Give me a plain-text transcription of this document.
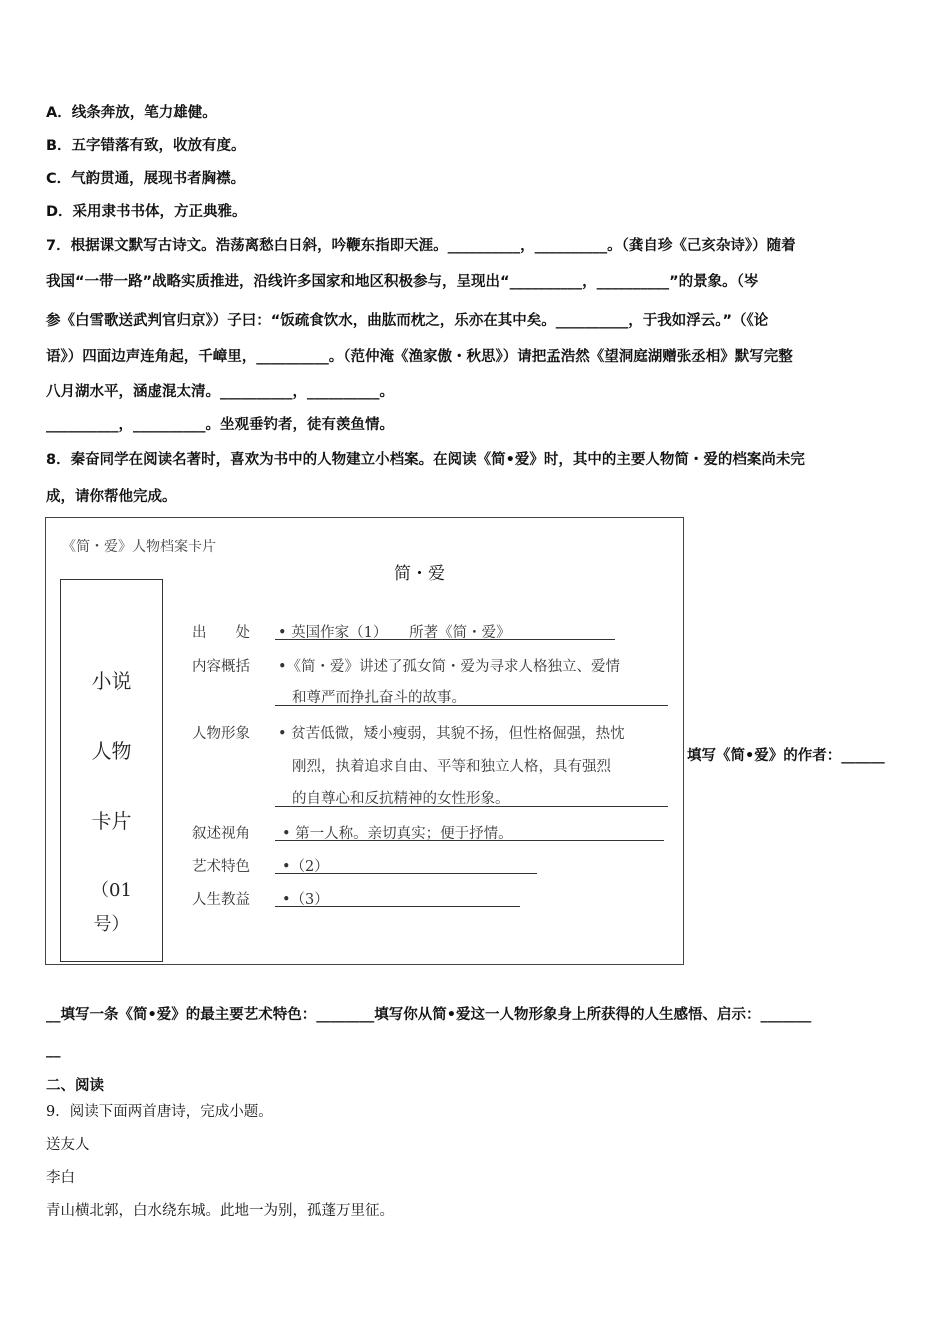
A．线条奔放，笔力雄健。
B．五字错落有致，收放有度。
C．气韵贯通，展现书者胸襟。
D．采用隶书书体，方正典雅。
7．根据课文默写古诗文。浩荡离愁白日斜，吟鞭东指即天涯。__________，__________。（龚自珍《己亥杂诗》）随着
我国“一带一路”战略实质推进，沿线许多国家和地区积极参与，呈现出“__________，__________”的景象。（岑
参《白雪歌送武判官归京》）子曰：“饭疏食饮水，曲肱而枕之，乐亦在其中矣。__________，于我如浮云。”（《论
语》）四面边声连角起，千嶂里，__________。（范仲淹《渔家傲・秋思》）请把孟浩然《望洞庭湖赠张丞相》默写完整
八月湖水平，涵虚混太清。__________，__________。
__________，__________。坐观垂钓者，徒有羡鱼情。
8．秦奋同学在阅读名著时，喜欢为书中的人物建立小档案。在阅读《简•爱》时，其中的主要人物简・爱的档案尚未完
成，请你帮他完成。
《简・爱》人物档案卡片
简・爱
小说
人物
卡片
（01
号）
出　　处 • 英国作家（1）　　所著《简・爱》
内容概括 •《简・爱》讲述了孤女简・爱为寻求人格独立、爱情
和尊严而挣扎奋斗的故事。
人物形象 • 贫苦低微，矮小瘦弱，其貌不扬，但性格倔强，热忱
刚烈，执着追求自由、平等和独立人格，具有强烈
的自尊心和反抗精神的女性形象。
叙述视角 • 第一人称。亲切真实；便于抒情。
艺术特色 •（2）
人生教益 •（3）
填写《简•爱》的作者：______
__填写一条《简•爱》的最主要艺术特色：________填写你从简•爱这一人物形象身上所获得的人生感悟、启示：_______
__
二、阅读
9．阅读下面两首唐诗，完成小题。
送友人
李白
青山横北郭，白水绕东城。此地一为别，孤蓬万里征。
